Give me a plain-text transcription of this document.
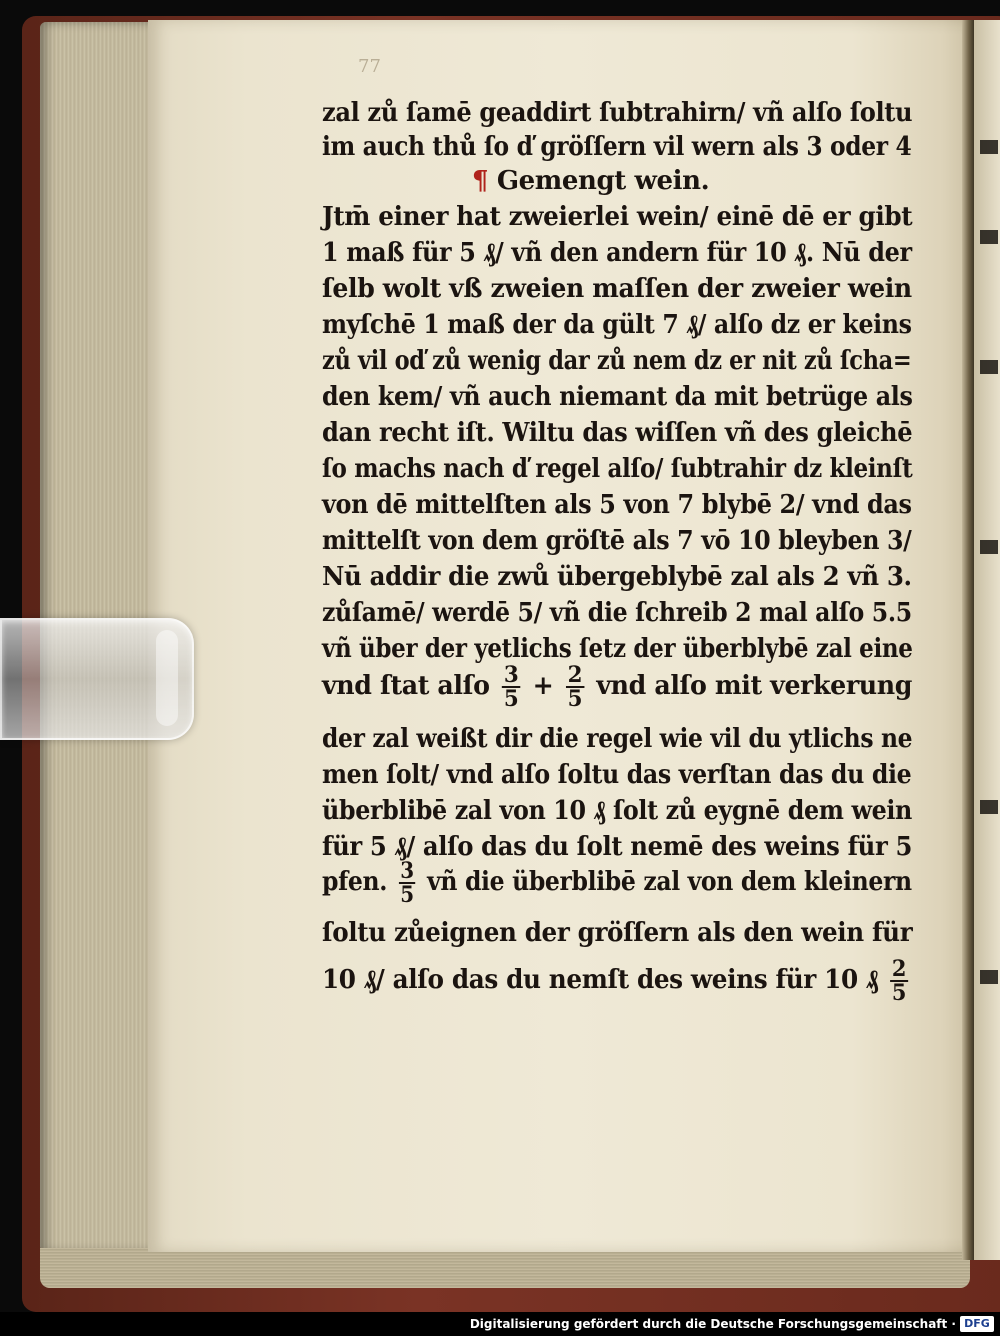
77
zal zů ſamē geaddirt ſubtrahirn/ vñ alſo ſoltu
im auch thů ſo ď gröſſern vil wern als 3 oder 4
¶ Gemengt wein.
Jtm̄ einer hat zweierlei wein/ einē dē er gibt
1 maß für 5 ₰/ vñ den andern für 10 ₰. Nū der
ſelb wolt vß zweien maſſen der zweier wein
myſchē 1 maß der da gült 7 ₰/ alſo dz er keins
zů vil oď zů wenig dar zů nem dz er nit zů ſcha=
den kem/ vñ auch niemant da mit betrüge als
dan recht iſt. Wiltu das wiſſen vñ des gleichē
ſo machs nach ď regel alſo/ ſubtrahir dz kleinſt
von dē mittelſten als 5 von 7 blybē 2/ vnd das
mittelſt von dem gröſtē als 7 vō 10 bleyben 3/
Nū addir die zwů übergeblybē zal als 2 vñ 3.
zůſamē/ werdē 5/ vñ die ſchreib 2 mal alſo 5.5
vñ über der yetlichs ſetz der überblybē zal eine
vnd ſtat alſo $\frac{3}{5} + \frac{2}{5}$ vnd alſo mit verkerung
der zal weißt dir die regel wie vil du ytlichs ne
men ſolt/ vnd alſo ſoltu das verſtan das du die
überblibē zal von 10 ₰ ſolt zů eygnē dem wein
für 5 ₰/ alſo das du ſolt nemē des weins für 5
pfen. $\frac{3}{5}$ vñ die überblibē zal von dem kleinern
ſoltu zůeignen der gröſſern als den wein für
10 ₰/ alſo das du nemſt des weins für 10 ₰ $\frac{2}{5}$
Digitalisierung gefördert durch die Deutsche Forschungsgemeinschaft · DFG
